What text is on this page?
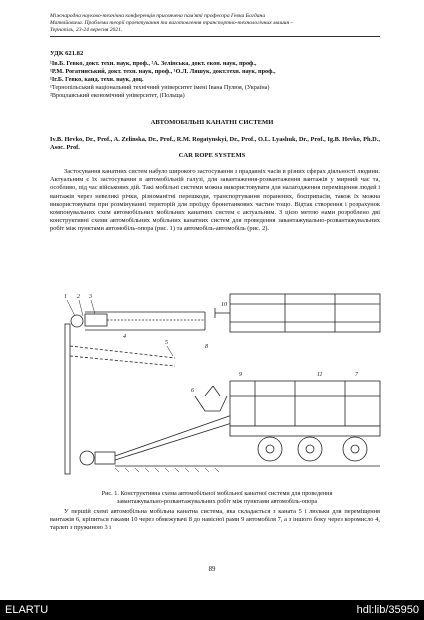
Міжнародна науково-технічна конференція присвячена пам'яті професора Гевка Богдана
Матвійовича. Проблеми теорії проектування та виготовлення транспортно-технологічних машин –
Тернопіль, 23-24 вересня 2021.
УДК 621.82
¹Ів.Б. Гевко, докт. техн. наук, проф., ²А. Зелінська, докт. екон. наук, проф.,
¹Р.М. Рогатинський, докт. техн. наук, проф., ¹О.Л. Ляшук, докт.техн. наук, проф.,
¹Іг.Б. Гевко, канд. техн. наук, доц.
¹Тернопільський національний технічний університет імені Івана Пулюя, (Україна)
²Вроцлавський економічний університет, (Польща)
АВТОМОБІЛЬНІ КАНАТНІ СИСТЕМИ
Iv.B. Hevko, Dr., Prof., A. Zelinska, Dr., Prof., R.M. Rogatynskyi, Dr., Prof., O.L. Lyashuk, Dr., Prof., Ig.B. Hevko, Ph.D., Asoc. Prof.
CAR ROPE SYSTEMS

Застосування канатних систем набуло широкого застосування з прадавніх часів в різних сферах діяльності людини. Актуальним є їх застосування в автомобільній галузі, для завантаження-розвантаження вантажів у мирний час та, особливо, під час військових дій. Такі мобільні системи можна використовувати для налагодження переміщення людей і вантажів через невеликі річки, різноманітні перешкоди, транспортування поранених, боєприпасів, також їх можна використовувати при розмінуванні територій для проїзду бронетанкових частин тощо. Відтак створення і розрахунок компонувальних схем автомобільних мобільних канатних систем є актуальним. З цією метою нами розроблено дві конструктивні схеми автомобільних мобільних канатних систем для проведення завантажувально-розвантажувальних робіт між пунктами автомобіль-опора (рис. 1) та автомобіль-автомобіль (рис. 2).

1 2 3
4
5
6
7
8
9
10
11
Рис. 1. Конструктивна схема автомобільної мобільної канатної системи для проведення
завантажувально-розвантажувальних робіт між пунктами автомобіль-опора

У першій схемі автомобільна мобільна канатна система, яка складається з каната 5 і люльки для переміщення вантажів 6, кріпиться гаками 10 через обмежувачі 8 до навісної рами 9 автомобіля 7, а з іншого боку через коромисло 4, тарлеп з пружиною 3 і

89
ELARTU	hdl:lib/35950
